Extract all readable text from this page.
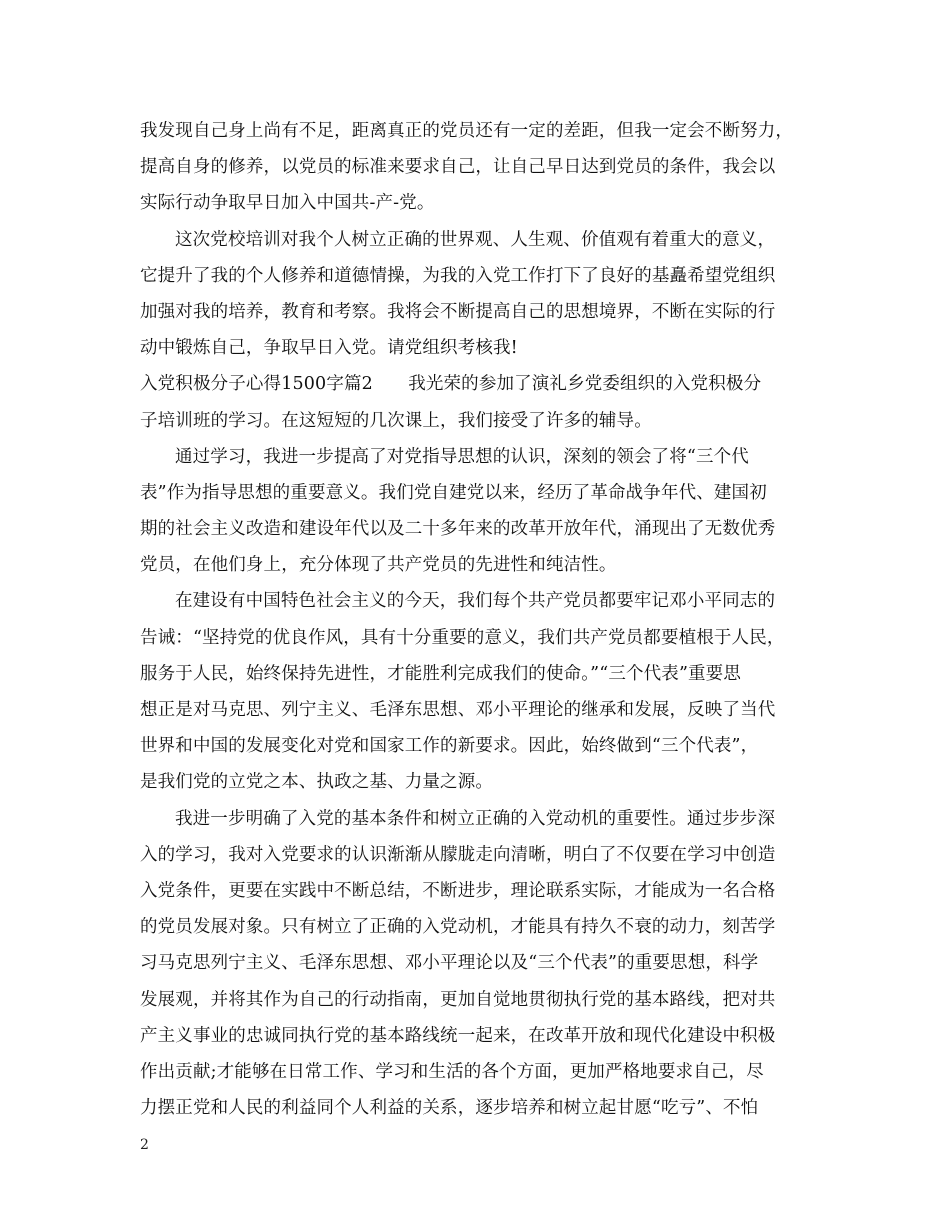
我发现自己身上尚有不足，距离真正的党员还有一定的差距，但我一定会不断努力，
提高自身的修养，以党员的标准来要求自己，让自己早日达到党员的条件，我会以
实际行动争取早日加入中国共-产-党。
这次党校培训对我个人树立正确的世界观、人生观、价值观有着重大的意义，
它提升了我的个人修养和道德情操，为我的入党工作打下了良好的基矗希望党组织
加强对我的培养，教育和考察。我将会不断提高自己的思想境界，不断在实际的行
动中锻炼自己，争取早日入党。请党组织考核我!
入党积极分子心得1500字篇2　　我光荣的参加了演礼乡党委组织的入党积极分
子培训班的学习。在这短短的几次课上，我们接受了许多的辅导。
通过学习，我进一步提高了对党指导思想的认识，深刻的领会了将“三个代
表”作为指导思想的重要意义。我们党自建党以来，经历了革命战争年代、建国初
期的社会主义改造和建设年代以及二十多年来的改革开放年代，涌现出了无数优秀
党员，在他们身上，充分体现了共产党员的先进性和纯洁性。
在建设有中国特色社会主义的今天，我们每个共产党员都要牢记邓小平同志的
告诫：“坚持党的优良作风，具有十分重要的意义，我们共产党员都要植根于人民，
服务于人民，始终保持先进性，才能胜利完成我们的使命。”“三个代表”重要思
想正是对马克思、列宁主义、毛泽东思想、邓小平理论的继承和发展，反映了当代
世界和中国的发展变化对党和国家工作的新要求。因此，始终做到“三个代表”，
是我们党的立党之本、执政之基、力量之源。
我进一步明确了入党的基本条件和树立正确的入党动机的重要性。通过步步深
入的学习，我对入党要求的认识渐渐从朦胧走向清晰，明白了不仅要在学习中创造
入党条件，更要在实践中不断总结，不断进步，理论联系实际，才能成为一名合格
的党员发展对象。只有树立了正确的入党动机，才能具有持久不衰的动力，刻苦学
习马克思列宁主义、毛泽东思想、邓小平理论以及“三个代表”的重要思想，科学
发展观，并将其作为自己的行动指南，更加自觉地贯彻执行党的基本路线，把对共
产主义事业的忠诚同执行党的基本路线统一起来，在改革开放和现代化建设中积极
作出贡献;才能够在日常工作、学习和生活的各个方面，更加严格地要求自己，尽
力摆正党和人民的利益同个人利益的关系，逐步培养和树立起甘愿“吃亏”、不怕
2
